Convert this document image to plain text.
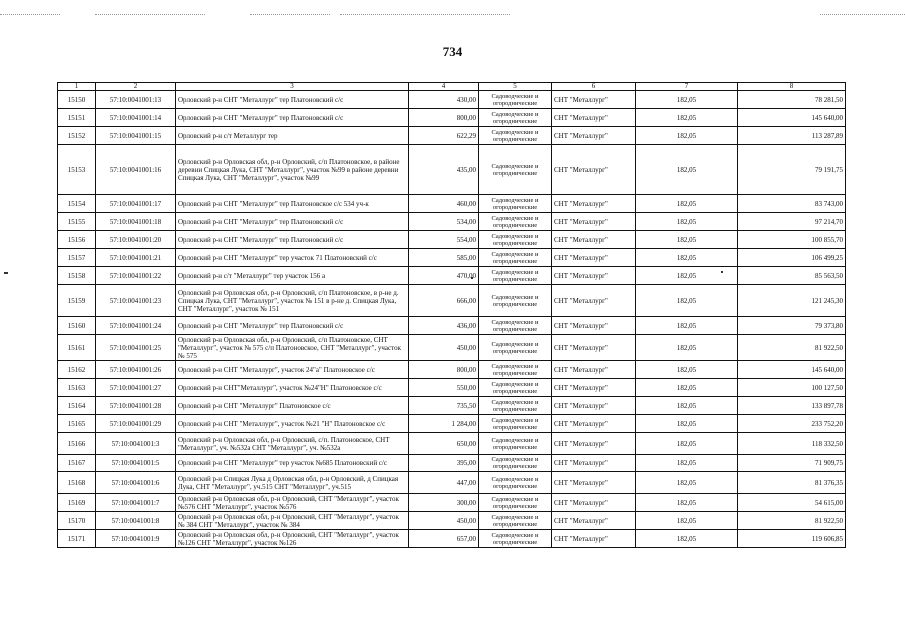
734
1	2	3	4	5	6	7	8
15150	57:10:0041001:13	Орловский р-н СНТ "Металлург" тер Платоновский с/с	430,00	Садоводческие и огороднические	СНТ "Металлург"	182,05	78 281,50
15151	57:10:0041001:14	Орловский р-н СНТ "Металлург" тер Платоновский с/с	800,00	Садоводческие и огороднические	СНТ "Металлург"	182,05	145 640,00
15152	57:10:0041001:15	Орловский р-н с/т Металлург тер	622,29	Садоводческие и огороднические	СНТ "Металлург"	182,05	113 287,89
15153	57:10:0041001:16	Орловский р-н Орловская обл, р-н Орловский, с/п Платоновское, в районе деревни Спицкая Лука, СНТ "Металлург", участок №99 в районе деревни Спицкая Лука, СНТ "Металлург", участок №99	435,00	Садоводческие и огороднические	СНТ "Металлург"	182,05	79 191,75
15154	57:10:0041001:17	Орловский р-н СНТ "Металлург" тер Платоновское с/с 534 уч-к	460,00	Садоводческие и огороднические	СНТ "Металлург"	182,05	83 743,00
15155	57:10:0041001:18	Орловский р-н СНТ "Металлург" тер Платоновский с/с	534,00	Садоводческие и огороднические	СНТ "Металлург"	182,05	97 214,70
15156	57:10:0041001:20	Орловский р-н СНТ "Металлург" тер Платоновский с/с	554,00	Садоводческие и огороднические	СНТ "Металлург"	182,05	100 855,70
15157	57:10:0041001:21	Орловский р-н СНТ "Металлург" тер участок 71 Платоновский с/с	585,00	Садоводческие и огороднические	СНТ "Металлург"	182,05	106 499,25
15158	57:10:0041001:22	Орловский р-н с/т "Металлург" тер участок 156 а	470,00	Садоводческие и огороднические	СНТ "Металлург"	182,05	85 563,50
15159	57:10:0041001:23	Орловский р-н Орловская обл, р-н Орловский, с/п Платоновское, в р-не д. Спицкая Лука, СНТ "Металлург", участок № 151 в р-не д. Спицкая Лука, СНТ "Металлург", участок № 151	666,00	Садоводческие и огороднические	СНТ "Металлург"	182,05	121 245,30
15160	57:10:0041001:24	Орловский р-н СНТ "Металлург" тер Платоновский с/с	436,00	Садоводческие и огороднические	СНТ "Металлург"	182,05	79 373,80
15161	57:10:0041001:25	Орловский р-н Орловская обл, р-н Орловский, с/п Платоновское, СНТ "Металлург", участок № 575 с/п Платоновское, СНТ "Металлург", участок № 575	450,00	Садоводческие и огороднические	СНТ "Металлург"	182,05	81 922,50
15162	57:10:0041001:26	Орловский р-н СНТ "Металлург", участок 24"а" Платоновское с/с	800,00	Садоводческие и огороднические	СНТ "Металлург"	182,05	145 640,00
15163	57:10:0041001:27	Орловский р-н СНТ"Металлург", участок №24"Н" Платоновское с/с	550,00	Садоводческие и огороднические	СНТ "Металлург"	182,05	100 127,50
15164	57:10:0041001:28	Орловский р-н СНТ "Металлург" Платоновское с/с	735,50	Садоводческие и огороднические	СНТ "Металлург"	182,05	133 897,78
15165	57:10:0041001:29	Орловский р-н СНТ "Металлург", участок №21 "Н" Платоновское с/с	1 284,00	Садоводческие и огороднические	СНТ "Металлург"	182,05	233 752,20
15166	57:10:0041001:3	Орловский р-н Орловская обл, р-н Орловский, с/п. Платоновское, СНТ "Металлург", уч. №532а СНТ "Металлург", уч. №532а	650,00	Садоводческие и огороднические	СНТ "Металлург"	182,05	118 332,50
15167	57:10:0041001:5	Орловский р-н СНТ "Металлург" тер участок №685 Платоновский с/с	395,00	Садоводческие и огороднические	СНТ "Металлург"	182,05	71 909,75
15168	57:10:0041001:6	Орловский р-н Спицкая Лука д Орловская обл, р-н Орловский, д Спицкая Лука, СНТ "Металлург", уч.515 СНТ "Металлург", уч.515	447,00	Садоводческие и огороднические	СНТ "Металлург"	182,05	81 376,35
15169	57:10:0041001:7	Орловский р-н Орловская обл, р-н Орловский, СНТ "Металлург", участок №576 СНТ "Металлург", участок №576	300,00	Садоводческие и огороднические	СНТ "Металлург"	182,05	54 615,00
15170	57:10:0041001:8	Орловский р-н Орловская обл, р-н Орловский, СНТ "Металлург", участок № 384 СНТ "Металлург", участок № 384	450,00	Садоводческие и огороднические	СНТ "Металлург"	182,05	81 922,50
15171	57:10:0041001:9	Орловский р-н Орловская обл, р-н Орловский, СНТ "Металлург", участок №126 СНТ "Металлург", участок №126	657,00	Садоводческие и огороднические	СНТ "Металлург"	182,05	119 606,85
